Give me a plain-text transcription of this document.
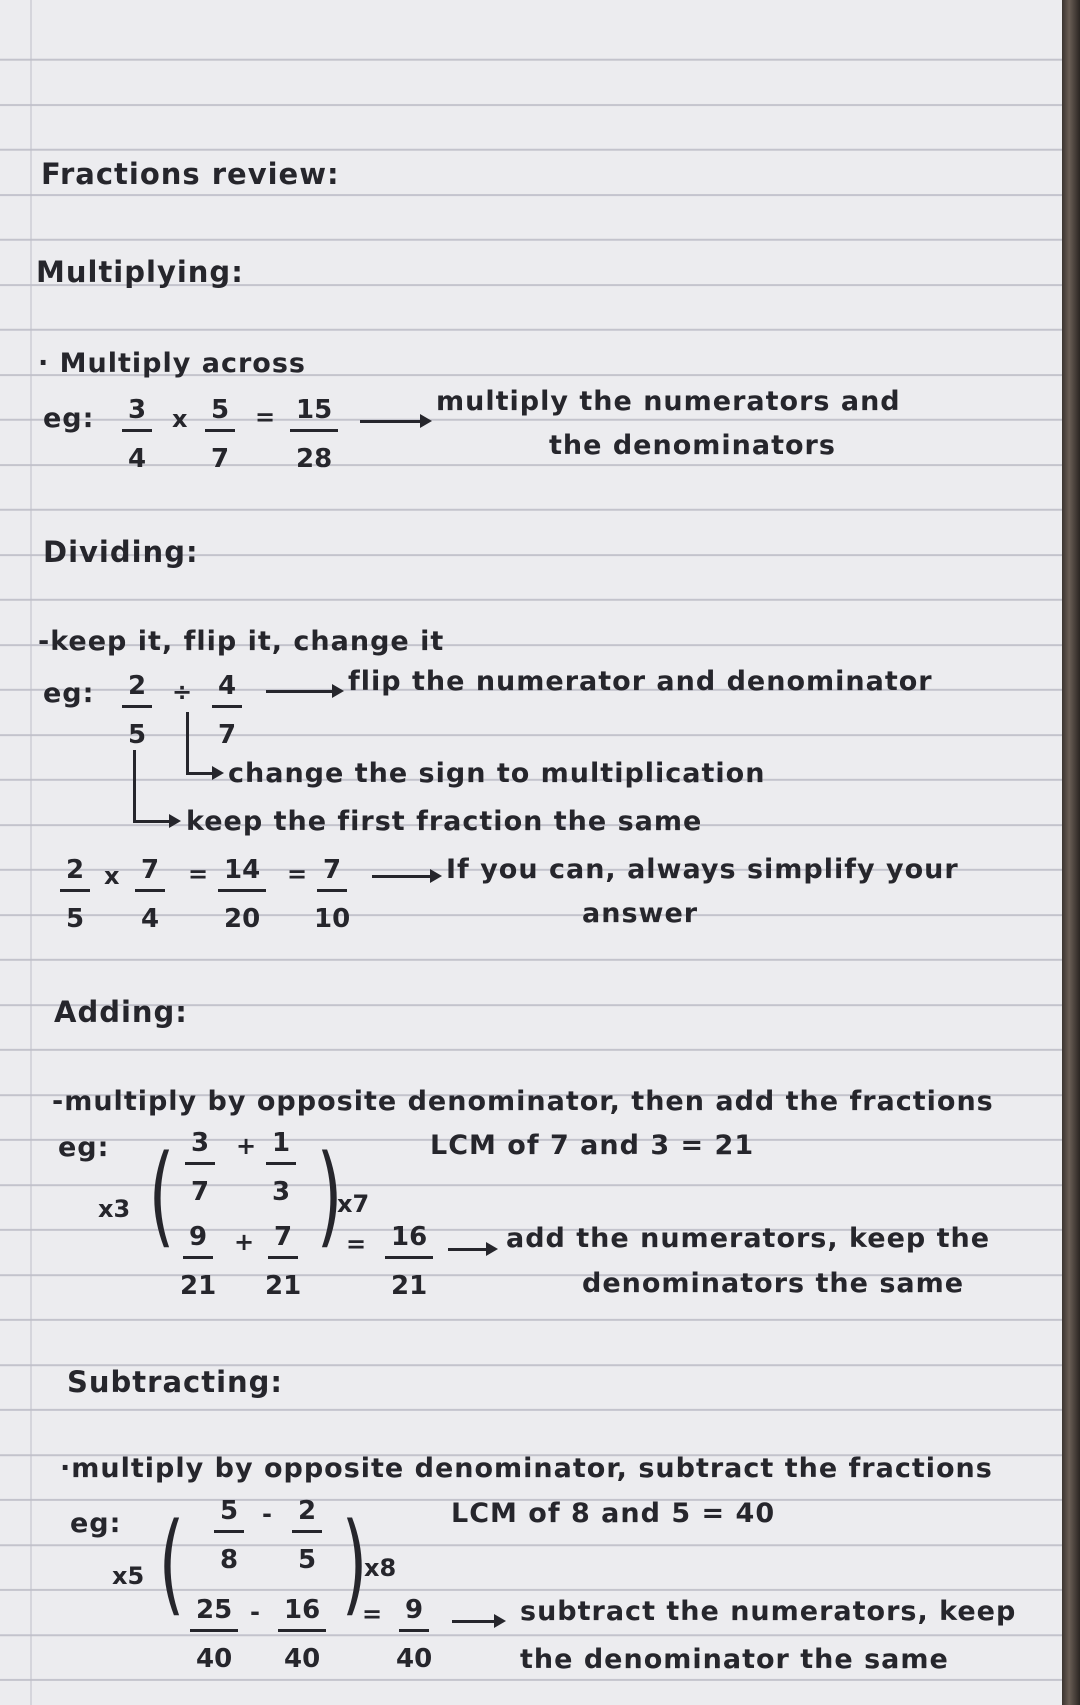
Fractions review:
Multiplying:
· Multiply across
eg: 3
4
x 5
7
= 15
28
multiply the numerators and
the denominators
Dividing:
-keep it, flip it, change it
eg: 2
5
÷ 4
7
flip the numerator and denominator
change the sign to multiplication
keep the first fraction the same
2
5
x 7
4
= 14
20
= 7
10
If you can, always simplify your
answer
Adding:
-multiply by opposite denominator, then add the fractions
eg:	3
7
+ 1
3
LCM of 7 and 3 = 21
x3 ( )
x7
9
21
+ 7
21
= 16
21
add the numerators, keep the
denominators the same
Subtracting:
·multiply by opposite denominator, subtract the fractions
eg:	5
8
- 2
5
LCM of 8 and 5 = 40
x5 ( )
x8
25
40
- 16
40
= 9
40
subtract the numerators, keep
the denominator the same
